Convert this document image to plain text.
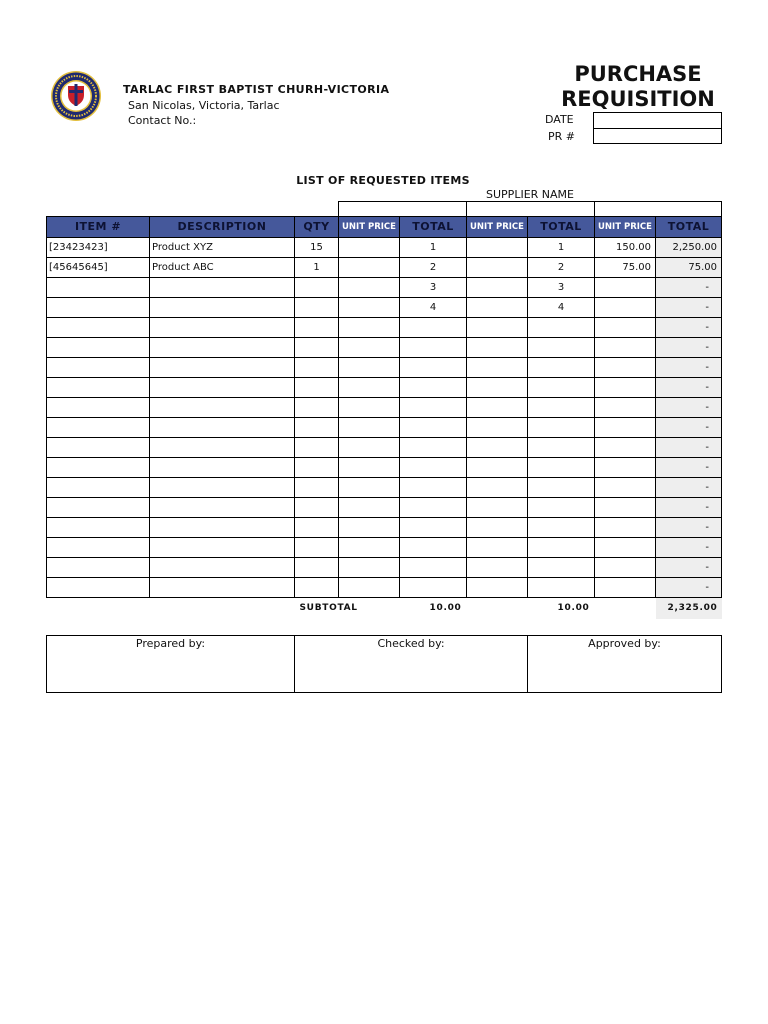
TARLAC FIRST BAPTIST CHURH-VICTORIA
San Nicolas, Victoria, Tarlac
Contact No.:
PURCHASE
REQUISITION
DATE
PR #
LIST OF REQUESTED ITEMS
SUPPLIER NAME

ITEM #	DESCRIPTION	QTY	UNIT PRICE	TOTAL	UNIT PRICE	TOTAL	UNIT PRICE	TOTAL
[23423423]	Product XYZ	15		1		1	150.00	2,250.00
[45645645]	Product ABC	1		2		2	75.00	75.00
				3		3		-
				4		4		-
								-
								-
								-
								-
								-
								-
								-
								-
								-
								-
								-
								-
								-
								-
		SUBTOTAL		10.00		10.00		2,325.00
Prepared by:	Checked by:	Approved by:
